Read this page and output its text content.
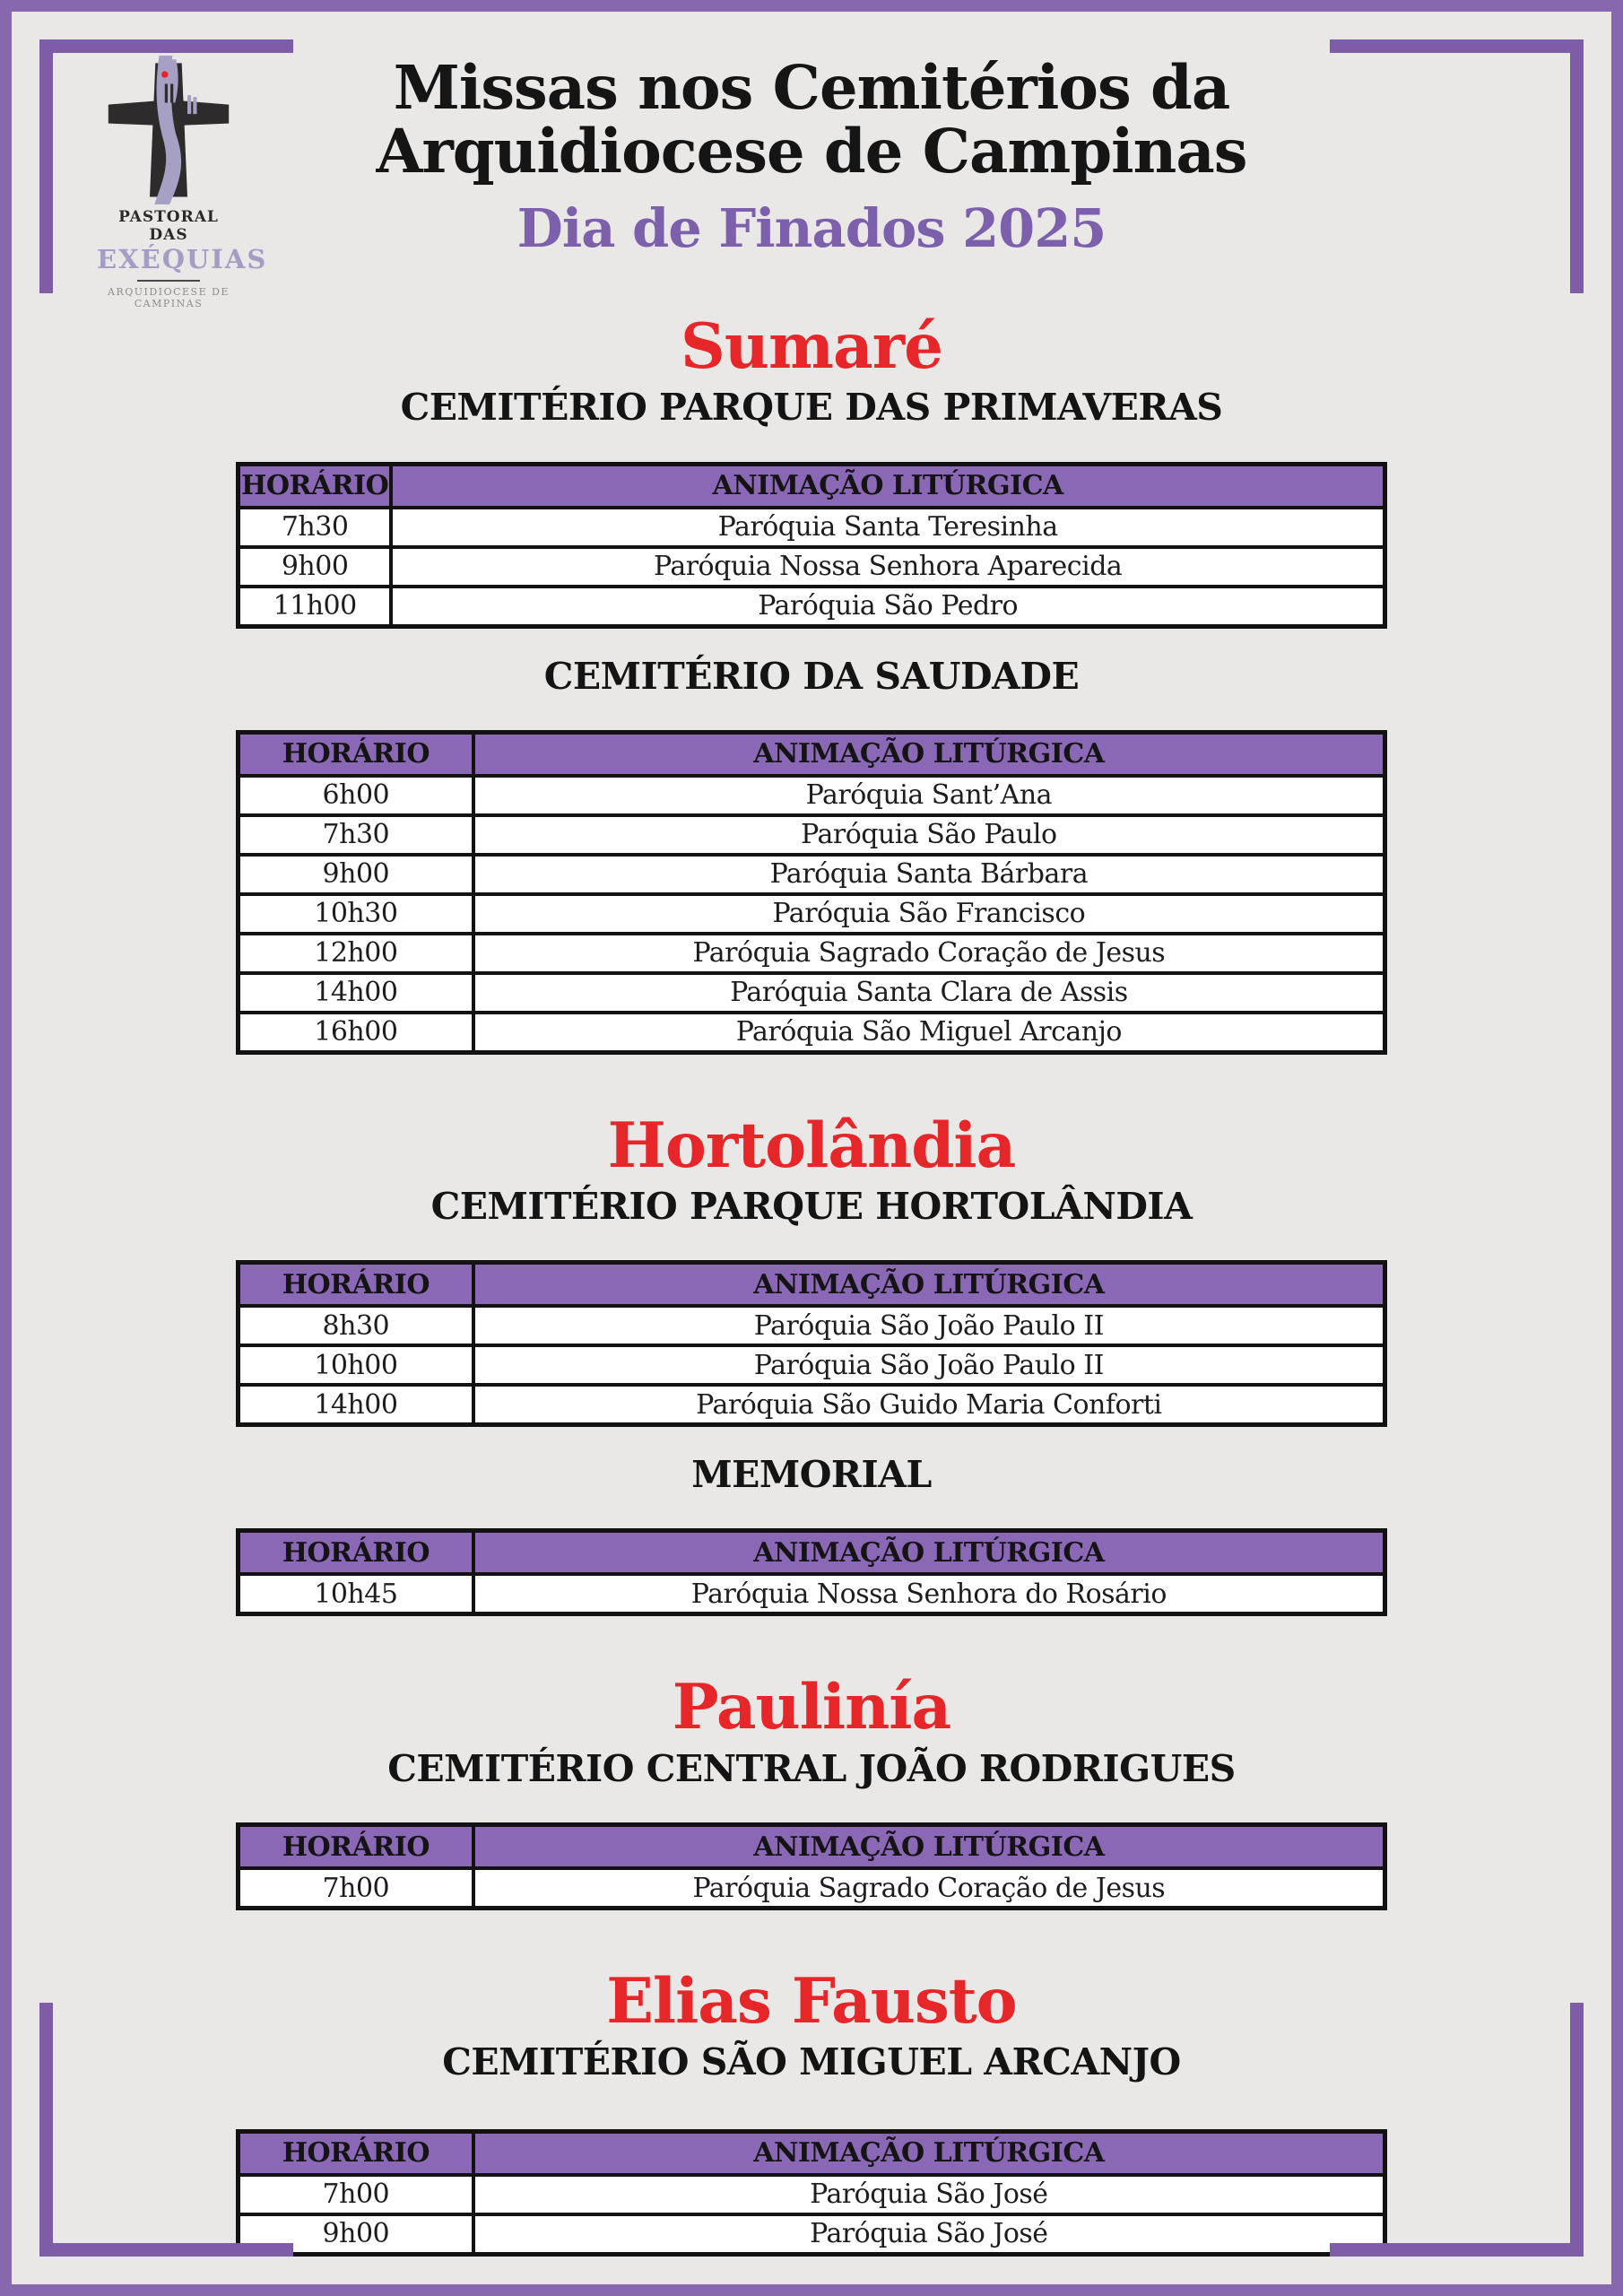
PASTORAL DAS
EXÉQUIAS
ARQUIDIOCESE DE CAMPINAS
Missas nos Cemitérios da
Arquidiocese de Campinas
Dia de Finados 2025
Sumaré
CEMITÉRIO PARQUE DAS PRIMAVERAS
HORÁRIO	ANIMAÇÃO LITÚRGICA
7h30	Paróquia Santa Teresinha
9h00	Paróquia Nossa Senhora Aparecida
11h00	Paróquia São Pedro
CEMITÉRIO DA SAUDADE
HORÁRIO	ANIMAÇÃO LITÚRGICA
6h00	Paróquia Sant’Ana
7h30	Paróquia São Paulo
9h00	Paróquia Santa Bárbara
10h30	Paróquia São Francisco
12h00	Paróquia Sagrado Coração de Jesus
14h00	Paróquia Santa Clara de Assis
16h00	Paróquia São Miguel Arcanjo
Hortolândia
CEMITÉRIO PARQUE HORTOLÂNDIA
HORÁRIO	ANIMAÇÃO LITÚRGICA
8h30	Paróquia São João Paulo II
10h00	Paróquia São João Paulo II
14h00	Paróquia São Guido Maria Conforti
MEMORIAL
HORÁRIO	ANIMAÇÃO LITÚRGICA
10h45	Paróquia Nossa Senhora do Rosário
Paulinía
CEMITÉRIO CENTRAL JOÃO RODRIGUES
HORÁRIO	ANIMAÇÃO LITÚRGICA
7h00	Paróquia Sagrado Coração de Jesus
Elias Fausto
CEMITÉRIO SÃO MIGUEL ARCANJO
HORÁRIO	ANIMAÇÃO LITÚRGICA
7h00	Paróquia São José
9h00	Paróquia São José
